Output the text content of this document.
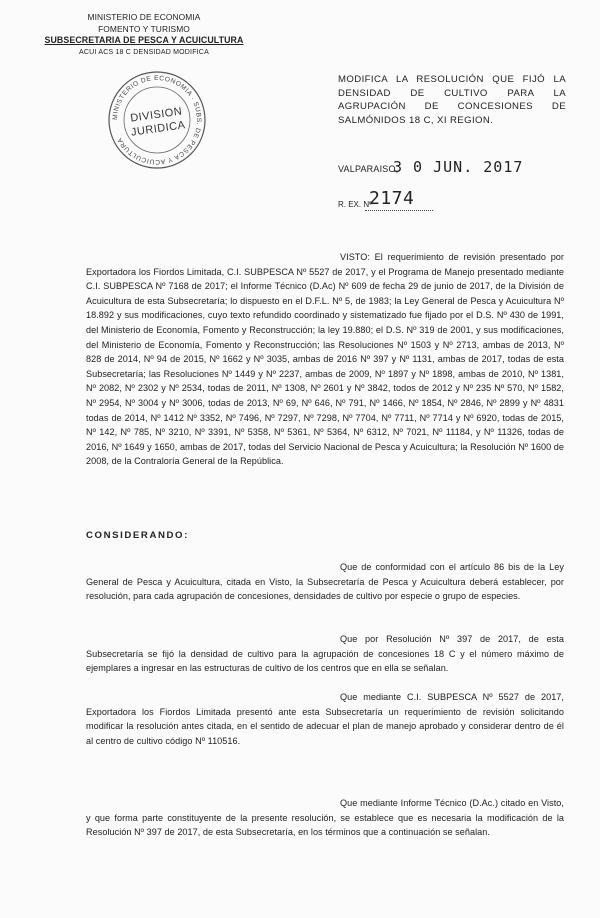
MINISTERIO DE ECONOMIA
FOMENTO Y TURISMO
SUBSECRETARIA DE PESCA Y ACUICULTURA
ACUI ACS 18 C DENSIDAD MODIFICA
MINISTERIO DE ECONOMIA · SUBS. DE PESCA Y ACUICULTURA
DIVISION
JURIDICA
MODIFICA LA RESOLUCIÓN QUE FIJÓ LA DENSIDAD DE CULTIVO PARA LA AGRUPACIÓN DE CONCESIONES DE SALMÓNIDOS 18 C, XI REGION.
VALPARAISO,
3 0 JUN. 2017
R. EX. Nº
2174
VISTO: El requerimiento de revisión presentado por Exportadora los Fiordos Limitada, C.I. SUBPESCA Nº 5527 de 2017, y el Programa de Manejo presentado mediante C.I. SUBPESCA Nº 7168 de 2017; el Informe Técnico (D.Ac) Nº 609 de fecha 29 de junio de 2017, de la División de Acuicultura de esta Subsecretaría; lo dispuesto en el D.F.L. Nº 5, de 1983; la Ley General de Pesca y Acuicultura Nº 18.892 y sus modificaciones, cuyo texto refundido coordinado y sistematizado fue fijado por el D.S. Nº 430 de 1991, del Ministerio de Economía, Fomento y Reconstrucción; la ley 19.880; el D.S. Nº 319 de 2001, y sus modificaciones, del Ministerio de Economía, Fomento y Reconstrucción; las Resoluciones Nº 1503 y Nº 2713, ambas de 2013, Nº 828 de 2014, Nº 94 de 2015, Nº 1662 y Nº 3035, ambas de 2016 Nº 397 y Nº 1131, ambas de 2017, todas de esta Subsecretaría; las Resoluciones Nº 1449 y Nº 2237, ambas de 2009, Nº 1897 y Nº 1898, ambas de 2010, Nº 1381, Nº 2082, Nº 2302 y Nº 2534, todas de 2011, Nº 1308, Nº 2601 y Nº 3842, todos de 2012 y Nº 235 Nº 570, Nº 1582, Nº 2954, Nº 3004 y Nº 3006, todas de 2013, Nº 69, Nº 646, Nº 791, Nº 1466, Nº 1854, Nº 2846, Nº 2899 y Nº 4831 todas de 2014, Nº 1412 Nº 3352, Nº 7496, Nº 7297, Nº 7298, Nº 7704, Nº 7711, Nº 7714 y Nº 6920, todas de 2015, Nº 142, Nº 785, Nº 3210, Nº 3391, Nº 5358, Nº 5361, Nº 5364, Nº 6312, Nº 7021, Nº 11184, y Nº 11326, todas de 2016, Nº 1649 y 1650, ambas de 2017, todas del Servicio Nacional de Pesca y Acuicultura; la Resolución Nº 1600 de 2008, de la Contraloría General de la República.
CONSIDERANDO:
Que de conformidad con el artículo 86 bis de la Ley General de Pesca y Acuicultura, citada en Visto, la Subsecretaría de Pesca y Acuicultura deberá establecer, por resolución, para cada agrupación de concesiones, densidades de cultivo por especie o grupo de especies.
Que por Resolución Nº 397 de 2017, de esta Subsecretaría se fijó la densidad de cultivo para la agrupación de concesiones 18 C y el número máximo de ejemplares a ingresar en las estructuras de cultivo de los centros que en ella se señalan.
Que mediante C.I. SUBPESCA Nº 5527 de 2017, Exportadora los Fiordos Limitada presentó ante esta Subsecretaría un requerimiento de revisión solicitando modificar la resolución antes citada, en el sentido de adecuar el plan de manejo aprobado y considerar dentro de él al centro de cultivo código Nº 110516.
Que mediante Informe Técnico (D.Ac.) citado en Visto, y que forma parte constituyente de la presente resolución, se establece que es necesaria la modificación de la Resolución Nº 397 de 2017, de esta Subsecretaría, en los términos que a continuación se señalan.
